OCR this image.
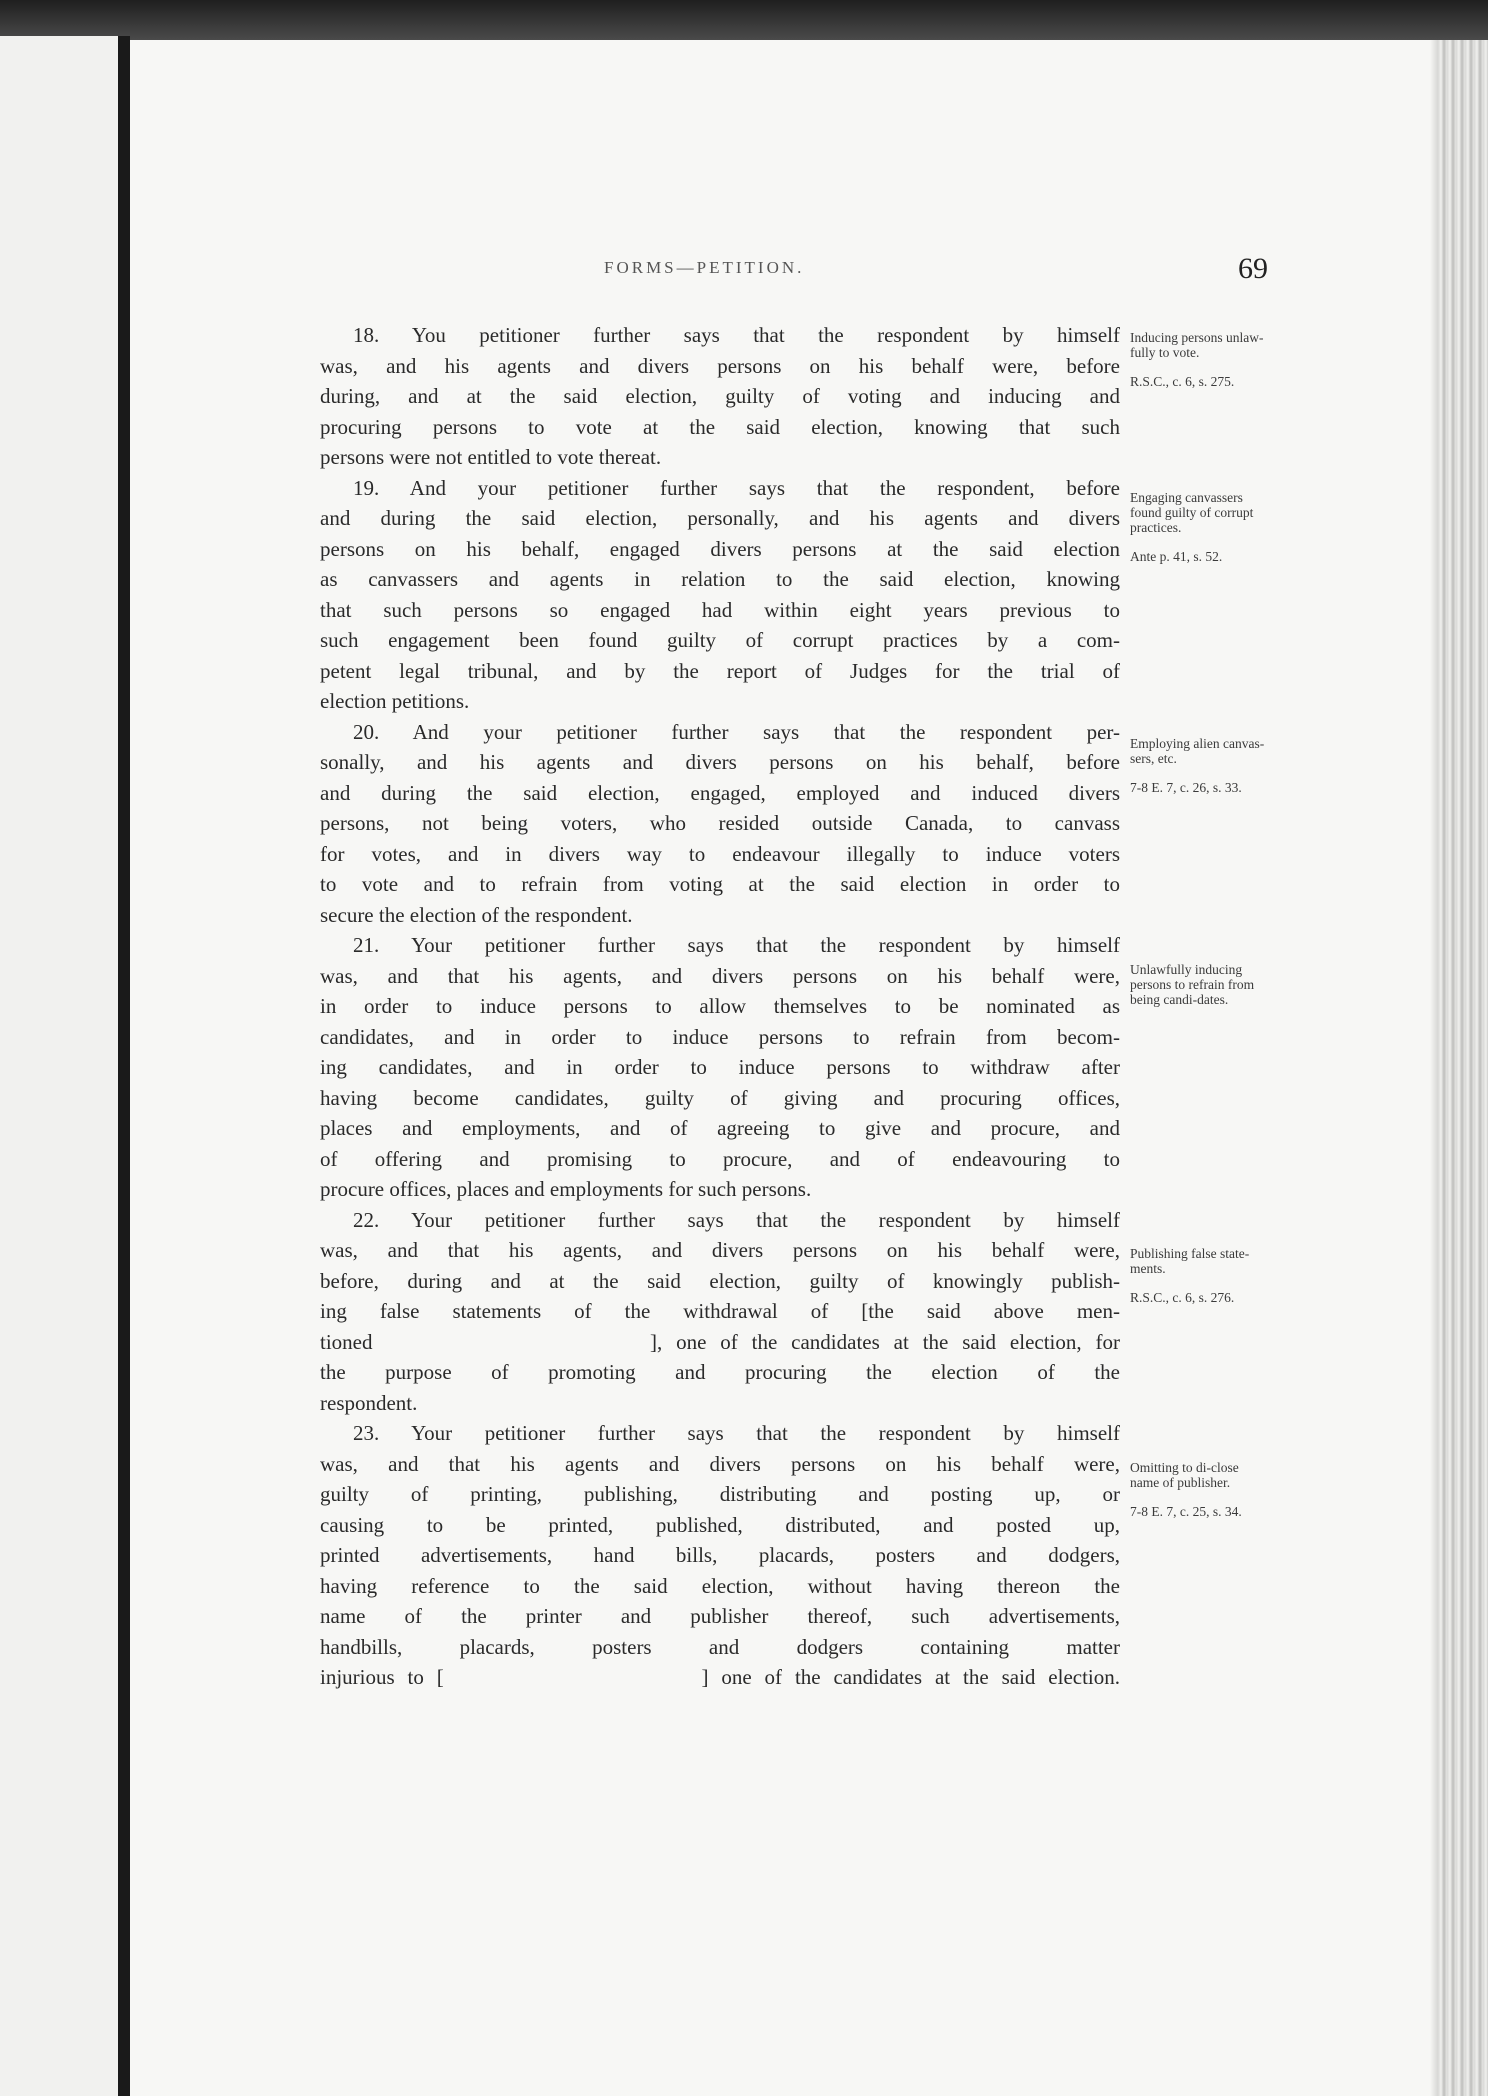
FORMS—PETITION.	69
18. You petitioner further says that the respondent by himself
was, and his agents and divers persons on his behalf were, before
during, and at the said election, guilty of voting and inducing and
procuring persons to vote at the said election, knowing that such
persons were not entitled to vote thereat.
19. And your petitioner further says that the respondent, before
and during the said election, personally, and his agents and divers
persons on his behalf, engaged divers persons at the said election
as canvassers and agents in relation to the said election, knowing
that such persons so engaged had within eight years previous to
such engagement been found guilty of corrupt practices by a com-
petent legal tribunal, and by the report of Judges for the trial of
election petitions.
20. And your petitioner further says that the respondent per-
sonally, and his agents and divers persons on his behalf, before
and during the said election, engaged, employed and induced divers
persons, not being voters, who resided outside Canada, to canvass
for votes, and in divers way to endeavour illegally to induce voters
to vote and to refrain from voting at the said election in order to
secure the election of the respondent.
21. Your petitioner further says that the respondent by himself
was, and that his agents, and divers persons on his behalf were,
in order to induce persons to allow themselves to be nominated as
candidates, and in order to induce persons to refrain from becom-
ing candidates, and in order to induce persons to withdraw after
having become candidates, guilty of giving and procuring offices,
places and employments, and of agreeing to give and procure, and
of offering and promising to procure, and of endeavouring to
procure offices, places and employments for such persons.
22. Your petitioner further says that the respondent by himself
was, and that his agents, and divers persons on his behalf were,
before, during and at the said election, guilty of knowingly publish-
ing false statements of the withdrawal of [the said above men-
tioned                    ], one of the candidates at the said election, for
the purpose of promoting and procuring the election of the
respondent.
23. Your petitioner further says that the respondent by himself
was, and that his agents and divers persons on his behalf were,
guilty of printing, publishing, distributing and posting up, or
causing to be printed, published, distributed, and posted up,
printed advertisements, hand bills, placards, posters and dodgers,
having reference to the said election, without having thereon the
name of the printer and publisher thereof, such advertisements,
handbills, placards, posters and dodgers containing matter
injurious to [                    ] one of the candidates at the said election.
Inducing persons unlaw-fully to vote.
R.S.C., c. 6, s. 275.
Engaging canvassers found guilty of corrupt practices.
Ante p. 41, s. 52.
Employing alien canvas-sers, etc.
7-8 E. 7, c. 26, s. 33.
Unlawfully inducing persons to refrain from being candi-dates.
Publishing false state-ments.
R.S.C., c. 6, s. 276.
Omitting to di-close name of publisher.
7-8 E. 7, c. 25, s. 34.
